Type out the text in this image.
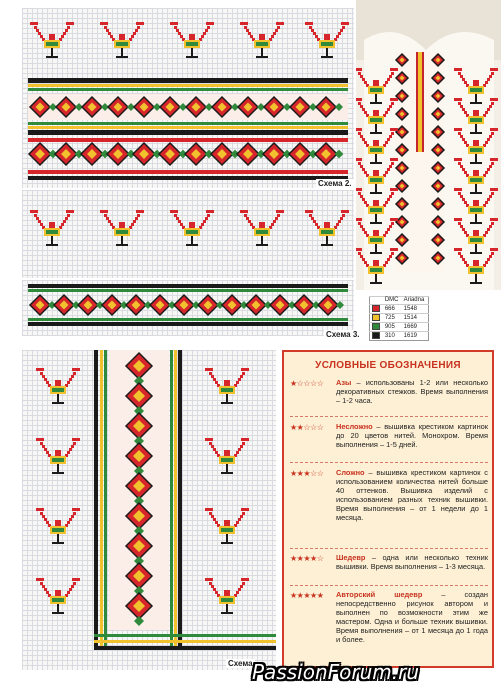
Схема 2.
Схема 3.
	DMC	Ariadna
	666	1548
	725	1514
	905	1669
	310	1619
Схема
УСЛОВНЫЕ ОБОЗНАЧЕНИЯ
★☆☆☆☆ Азы – использованы 1-2 или несколько декоративных стежков. Время выполнения – 1-2 часа.
★★☆☆☆ Несложно – вышивка крестиком картинок до 20 цветов нитей. Монохром. Время выполнения – 1-5 дней.
★★★☆☆ Сложно – вышивка крестиком картинок с использованием количества нитей больше 40 оттенков. Вышивка изделий с использованием разных техник вышивки. Время выполнения – от 1 недели до 1 месяца.
★★★★☆ Шедевр – одна или несколько техник вышивки. Время выполнения – 1-3 месяца.
★★★★★ Авторский шедевр – создан непосредственно рисунок автором и выполнен по возможности этим же мастером. Одна и больше техник вышивки. Время выполнения – от 1 месяца до 1 года и более.
PassionForum.ru
